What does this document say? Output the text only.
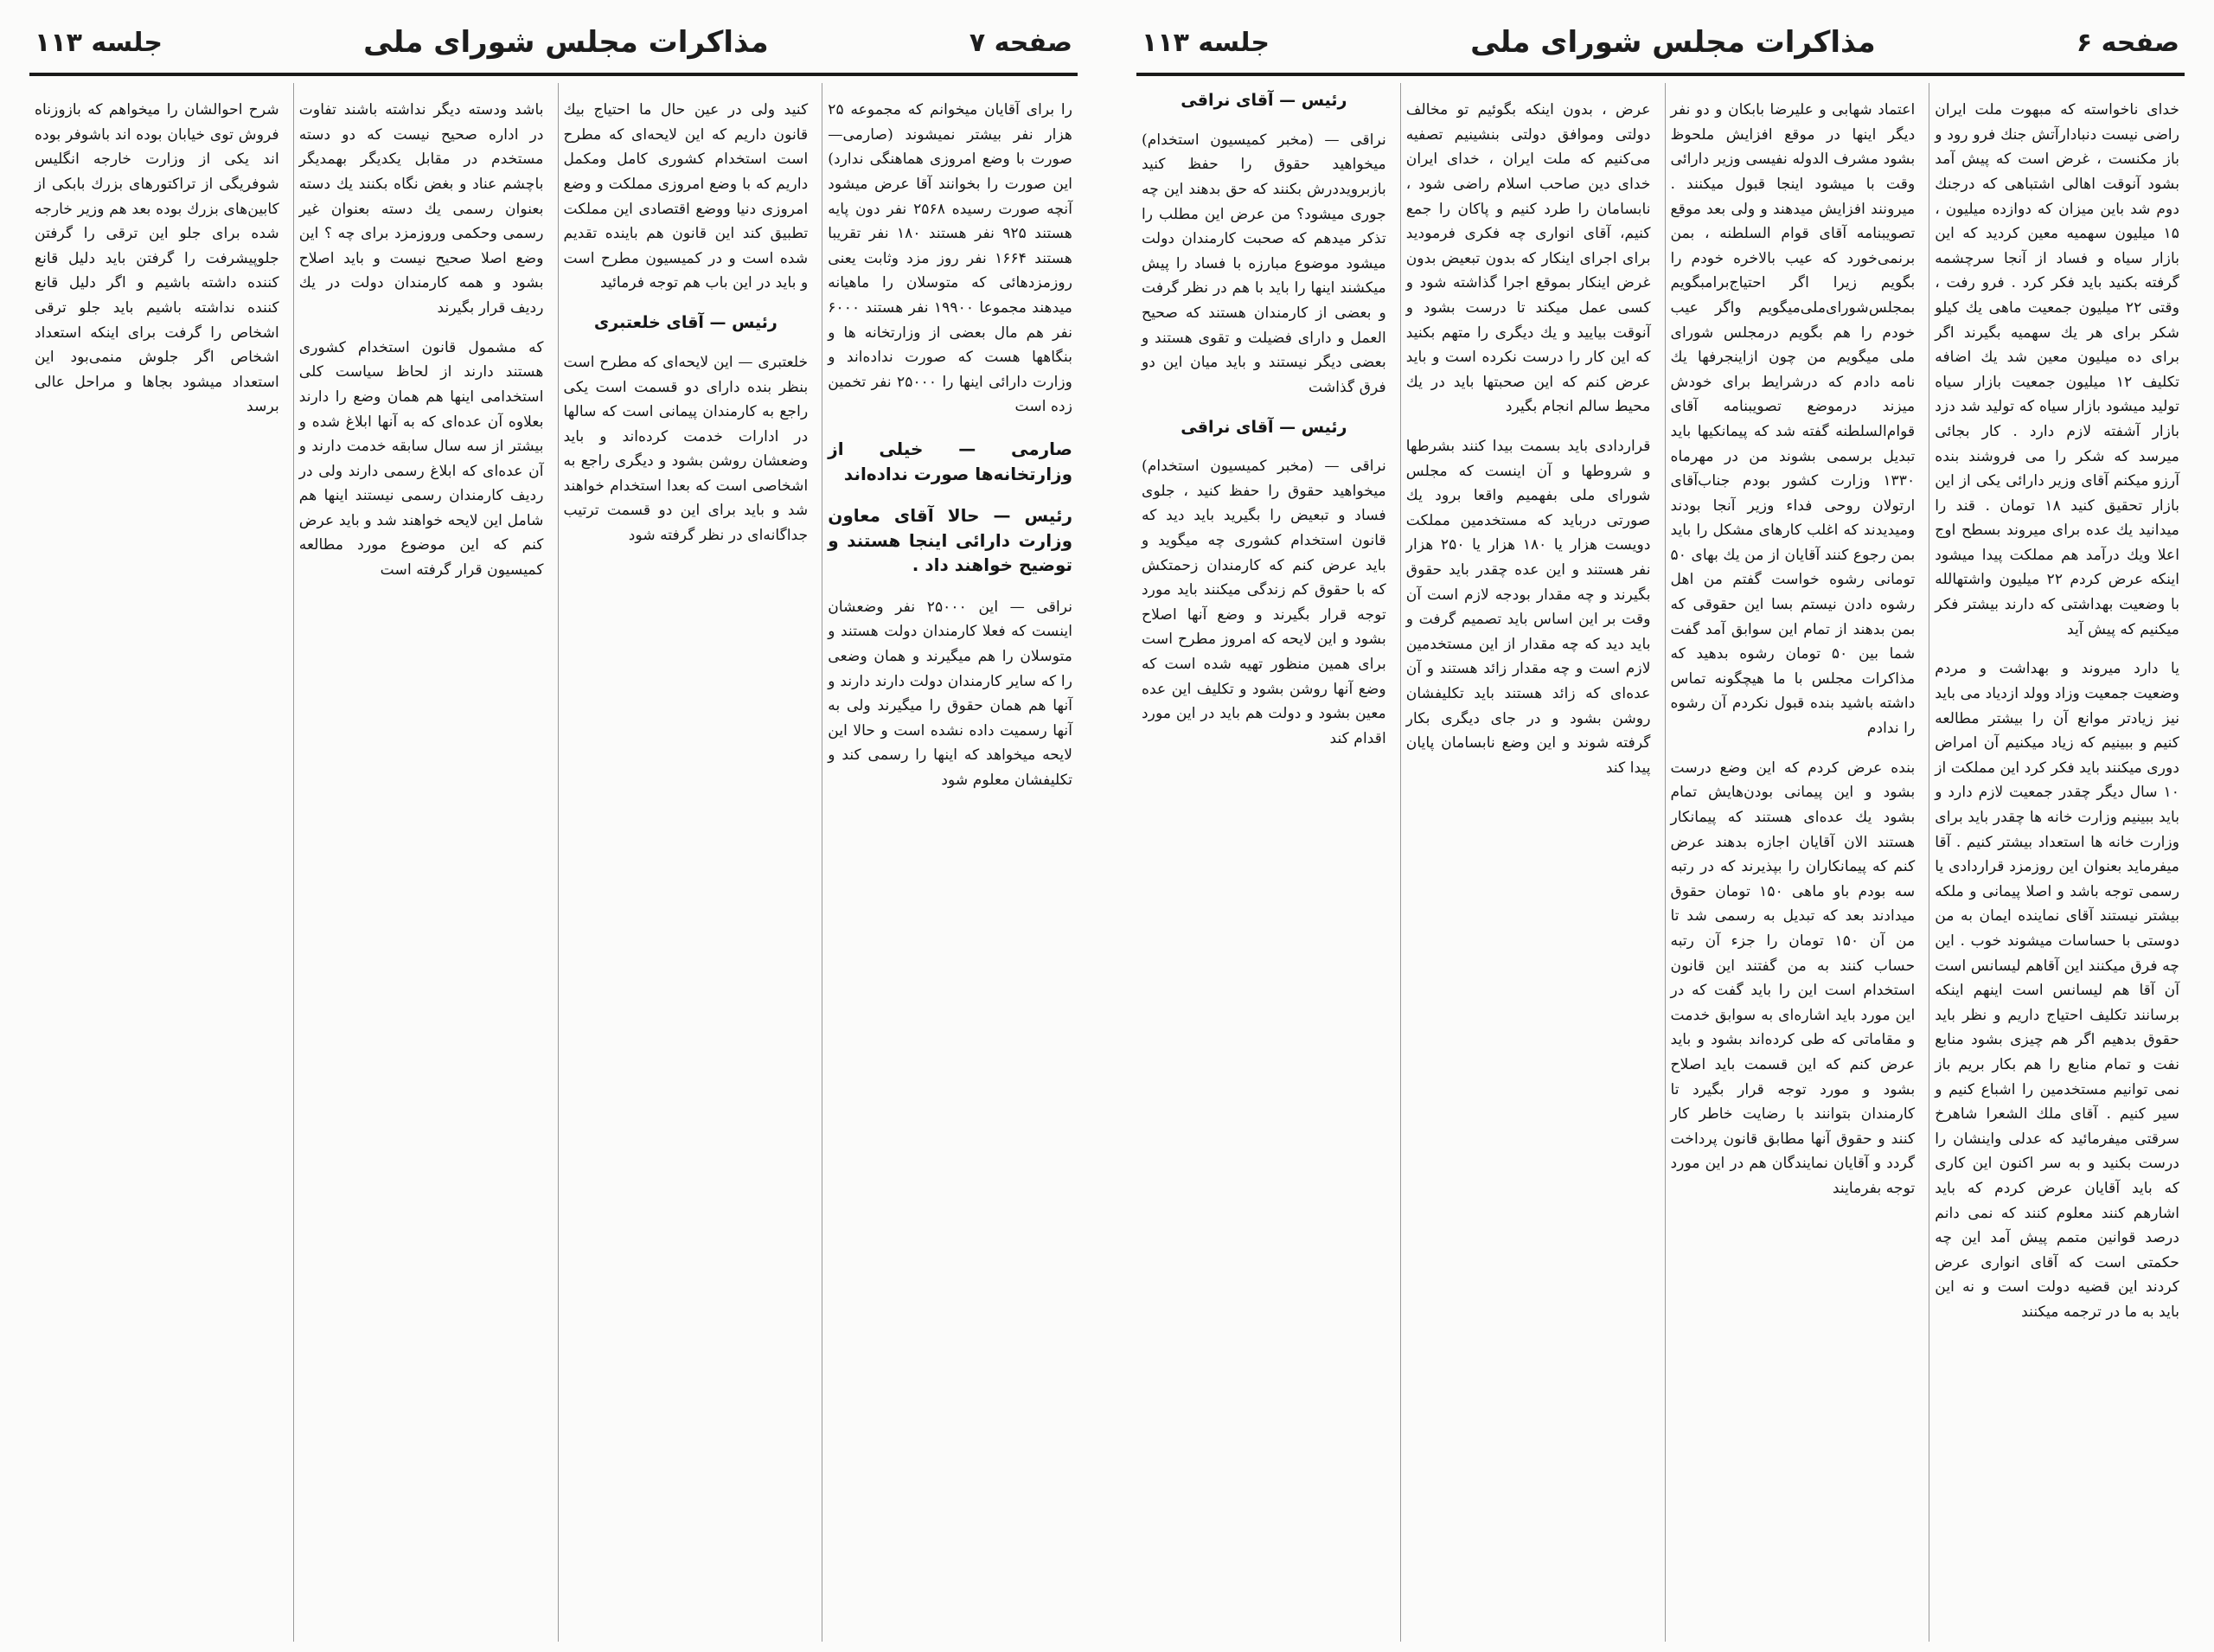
صفحه ۶
مذاكرات مجلس شوراى ملى
جلسه ۱۱۳

خداى ناخواسته كه مبهوت ملت ايران راضى نيست دنبادارآتش جنك فرو رود و باز مكنست ، غرض است كه پيش آمد بشود آنوقت اهالى اشتباهى كه درجنك دوم شد باين ميزان كه دوازده ميليون ، ۱۵ ميليون سهميه معين كرديد كه اين بازار سياه و فساد از آنجا سرچشمه گرفته بكنيد بايد فكر كرد . فرو رفت ، وقتى ۲۲ ميليون جمعيت ماهى يك كيلو شكر براى هر يك سهميه بگيرند اگر براى ده ميليون معين شد يك اضافه تكليف ۱۲ ميليون جمعيت بازار سياه توليد ميشود بازار سياه كه توليد شد دزد بازار آشفته لازم دارد . كار بجائى ميرسد كه شكر را مى فروشند بنده آرزو ميكنم آقاى وزير دارائى يكى از اين بازار تحقيق كنيد ۱۸ تومان . قند را ميدانيد يك عده براى ميروند بسطح اوج اعلا ويك درآمد هم مملكت پيدا ميشود اينكه عرض كردم ۲۲ ميليون واشتهالله با وضعيت بهداشتى كه دارند بيشتر فكر ميكنيم كه پيش آيد

يا دارد ميروند و بهداشت و مردم وضعيت جمعيت وزاد وولد ازدياد مى بايد نيز زيادتر موانع آن را بيشتر مطالعه كنيم و ببينيم كه زياد ميكنيم آن امراض دورى ميكنند بايد فكر كرد اين مملكت از ۱۰ سال ديگر چقدر جمعيت لازم دارد و بايد ببينيم وزارت خانه ها چقدر بايد براى وزارت خانه ها استعداد بيشتر كنيم . آقا ميفرمايد بعنوان اين روزمزد قراردادى يا رسمى توجه باشد و اصلا پيمانى و ملكه بيشتر نيستند آقاى نماينده ايمان به من دوستى با حساسات ميشوند خوب . اين چه فرق ميكنند اين آقاهم ليسانس است آن آقا هم ليسانس است اينهم اينكه برسانند تكليف احتياج داريم و نظر بايد حقوق بدهيم اگر هم چيزى بشود منابع نفت و تمام منابع را هم بكار بريم باز نمى توانيم مستخدمين را اشباع كنيم و سير كنيم . آقاى ملك الشعرا شاهرخ سرقتى ميفرمائيد كه عدلى واينشان را درست بكنيد و به سر اكنون اين كارى كه بايد آقايان عرض كردم كه بايد اشارهم كنند معلوم كنند كه نمى دانم درصد قوانين متمم پيش آمد اين چه حكمتى است كه آقاى انوارى عرض كردند اين قضيه دولت است و نه اين بايد به ما در ترجمه ميكنند

اعتماد شهابى و عليرضا بابكان و دو نفر ديگر اينها در موقع افزايش ملحوظ بشود مشرف الدوله نفيسى وزير دارائى وقت با ميشود اينجا قبول ميكنند . ميرونند افزايش ميدهند و ولى بعد موقع تصويبنامه آقاى قوام السلطنه ، بمن برنمى‌خورد كه عيب بالاخره خودم را بگويم زيرا اگر احتياج‌برامبگويم بمجلس‌شوراى‌ملى‌ميگويم واگر عيب خودم را هم بگويم درمجلس شوراى ملى ميگويم من چون ازاينجر‌فها يك نامه دادم كه درشرايط براى خودش ميزند درموضع تصويبنامه آقاى قوام‌السلطنه گفته شد كه پيمانكيها بايد تبديل برسمى بشوند من در مهرماه ۱۳۳۰ وزارت كشور بودم جناب‌آقاى ارتولان روحى فداء وزير آنجا بودند وميديدند كه اغلب كارهاى مشكل را بايد بمن رجوع كنند آقايان از من يك بهاى ۵۰ تومانى رشوه خواست گفتم من اهل رشوه دادن نيستم بسا اين حقوقى كه بمن بدهند از تمام اين سوابق آمد گفت شما بين ۵۰ تومان رشوه بدهيد كه مذاكرات مجلس با ما هيچگونه تماس داشته باشيد بنده قبول نكردم آن رشوه را ندادم

بنده عرض كردم كه اين وضع درست بشود و اين پيمانى بودن‌هايش تمام بشود يك عده‌اى هستند كه پيمانكار هستند الان آقايان اجازه بدهند عرض كنم كه پيمانكاران را بپذيرند كه در رتبه سه بودم باو ماهى ۱۵۰ تومان حقوق ميدادند بعد كه تبديل به رسمى شد تا من آن ۱۵۰ تومان را جزء آن رتبه حساب كنند به من گفتند اين قانون استخدام است اين را بايد گفت كه در اين مورد بايد اشاره‌اى به سوابق خدمت و مقاماتى كه طى كرده‌اند بشود و بايد عرض كنم كه اين قسمت بايد اصلاح بشود و مورد توجه قرار بگيرد تا كارمندان بتوانند با رضايت خاطر كار كنند و حقوق آنها مطابق قانون پرداخت گردد و آقايان نمايندگان هم در اين مورد توجه بفرمايند

عرض ، بدون اينكه بگوئيم تو مخالف دولتى وموافق دولتى بنشينيم تصفيه مى‌كنيم كه ملت ايران ، خداى ايران خداى دين صاحب اسلام راضى شود ، نابسامان را طرد كنيم و پاكان را جمع كنيم، آقاى انوارى چه فكرى فرموديد براى اجراى اينكار كه بدون تبعيض بدون غرض اينكار بموقع اجرا گذاشته شود و كسى عمل ميكند تا درست بشود و آنوقت بياييد و يك ديگرى را متهم بكنيد كه اين كار را درست نكرده است و بايد عرض كنم كه اين صحبتها بايد در يك محيط سالم انجام بگيرد

قراردادى بايد بسمت بيدا كنند بشرطها و شروطها و آن اينست كه مجلس شوراى ملى بفهميم‌ واقعا‌ برود‌ يك صورتى دربايد كه مستخدمين مملكت دويست هزار يا ۱۸۰ هزار يا ۲۵۰ هزار نفر هستند و اين عده چقدر بايد حقوق بگيرند و چه مقدار بودجه لازم است آن وقت بر اين اساس بايد تصميم گرفت و بايد ديد كه چه مقدار از اين مستخدمين لازم است و چه مقدار زائد هستند و آن عده‌اى كه زائد هستند بايد تكليفشان روشن بشود و در جاى ديگرى بكار گرفته شوند و اين وضع نابسامان پايان پيدا كند

رئيس — آقاى نراقى

نراقى — (مخبر كميسيون استخدام) ميخواهيد حقوق را حفظ كنيد بازبرويددرش بكنند كه حق بدهند اين چه جورى ميشود؟ من عرض اين مطلب را تذكر ميدهم كه صحبت كارمندان دولت ميشود موضوع مبارزه با فساد را پيش ميكشند اينها را بايد با هم در نظر گرفت و بعضى از كارمندان هستند كه صحيح العمل و داراى فضيلت و تقوى هستند و بعضى ديگر نيستند و بايد ميان اين دو فرق گذاشت

رئيس — آقاى نراقى

نراقى — (مخبر كميسيون استخدام) ميخواهيد حقوق را حفظ كنيد ، جلوى فساد و تبعيض را بگيريد بايد ديد كه قانون استخدام كشورى چه ميگويد و بايد عرض كنم كه كارمندان زحمتكش كه با حقوق كم زندگى ميكنند بايد مورد توجه قرار بگيرند و وضع آنها اصلاح بشود و اين لايحه كه امروز مطرح است براى همين منظور تهيه شده است كه وضع آنها روشن بشود و تكليف اين عده معين بشود و دولت هم بايد در اين مورد اقدام كند

صفحه ۷
مذاكرات مجلس شوراى ملى
جلسه ۱۱۳

را براى آقايان ميخوانم كه مجموعه ۲۵ هزار نفر بيشتر نميشوند (صارمى— صورت با وضع امروزى هماهنگى ندارد) اين صورت را بخوانند آقا عرض ميشود آنچه صورت رسيده ۲۵۶۸ نفر دون پايه هستند ۹۲۵ نفر هستند ۱۸۰ نفر تقريبا هستند ۱۶۶۴ نفر روز مزد وثابت يعنى روزمزدهائى كه متوسلان را ماهيانه ميدهند مجموعا ۱۹۹۰۰ نفر هستند ۶۰۰۰ نفر هم مال بعضى از وزارتخانه ها و بنگاهها هست كه صورت نداده‌اند و وزارت دارائى اينها را ۲۵۰۰۰ نفر تخمين زده است

صارمى — خيلى از وزارتخانه‌ها صورت نداده‌اند

رئيس — حالا آقاى معاون وزارت دارائى اينجا هستند و توضيح خواهند داد .

نراقى — اين ۲۵۰۰۰ نفر وضعشان اينست كه فعلا كارمندان دولت هستند و متوسلان را هم ميگيرند و همان وضعى را كه ساير كارمندان دولت دارند دارند و آنها هم همان حقوق را ميگيرند ولى به آنها رسميت داده نشده است و حالا اين لايحه ميخواهد كه اينها را رسمى كند و تكليفشان معلوم شود

كنيد ولى در عين حال ما احتياج بيك قانون داريم كه اين لايحه‌اى كه مطرح است استخدام كشورى كامل ومكمل داريم كه با وضع امروزى مملكت و وضع امروزى دنيا ووضع اقتصادى اين مملكت تطبيق كند اين قانون هم باينده تقديم شده است و در كميسيون مطرح است و بايد در اين باب هم توجه فرمائيد

رئيس — آقاى خلعتبرى

خلعتبرى — اين لايحه‌اى كه مطرح است بنظر بنده داراى دو قسمت است يكى راجع به كارمندان پيمانى است كه سالها در ادارات خدمت كرده‌اند و بايد وضعشان روشن بشود و ديگرى راجع به اشخاصى است كه بعدا استخدام خواهند شد و بايد براى اين دو قسمت ترتيب جداگانه‌اى در نظر گرفته شود

باشد ودسته ديگر نداشته باشند تفاوت در اداره صحيح نيست كه دو دسته مستخدم در مقابل يكديگر بهمديگر باچشم عناد و بغض نگاه بكنند يك دسته بعنوان رسمى يك دسته بعنوان غير رسمى وحكمى وروزمزد براى چه ؟ اين وضع اصلا صحيح نيست و بايد اصلاح بشود و همه كارمندان دولت در يك رديف قرار بگيرند

كه مشمول قانون استخدام كشورى هستند دارند از لحاظ سياست كلى استخدامى اينها هم همان وضع را دارند بعلاوه آن عده‌اى كه به آنها ابلاغ شده و بيشتر از سه سال سابقه خدمت دارند و آن عده‌اى كه ابلاغ رسمى دارند ولى در رديف كارمندان رسمى نيستند اينها هم شامل اين لايحه خواهند شد و بايد عرض كنم كه اين موضوع مورد مطالعه كميسيون قرار گرفته است

شرح احوالشان را ميخواهم كه بازوزناه فروش توى خيابان بوده اند باشوفر بوده اند يكى از وزارت خارجه انگليس شوفريگى از تراكتورهاى بزرك بابكى از كابين‌هاى بزرك بوده بعد هم وزير خارجه شده براى جلو اين ترقى را گرفتن جلوپيشرفت را گرفتن بايد دليل قانع كننده داشته باشيم و اگر دليل قانع كننده نداشته باشيم بايد جلو ترقى اشخاص را گرفت براى اينكه استعداد اشخاص اگر جلوش منمى‌بود اين استعداد ميشود بجاها و مراحل عالى برسد
